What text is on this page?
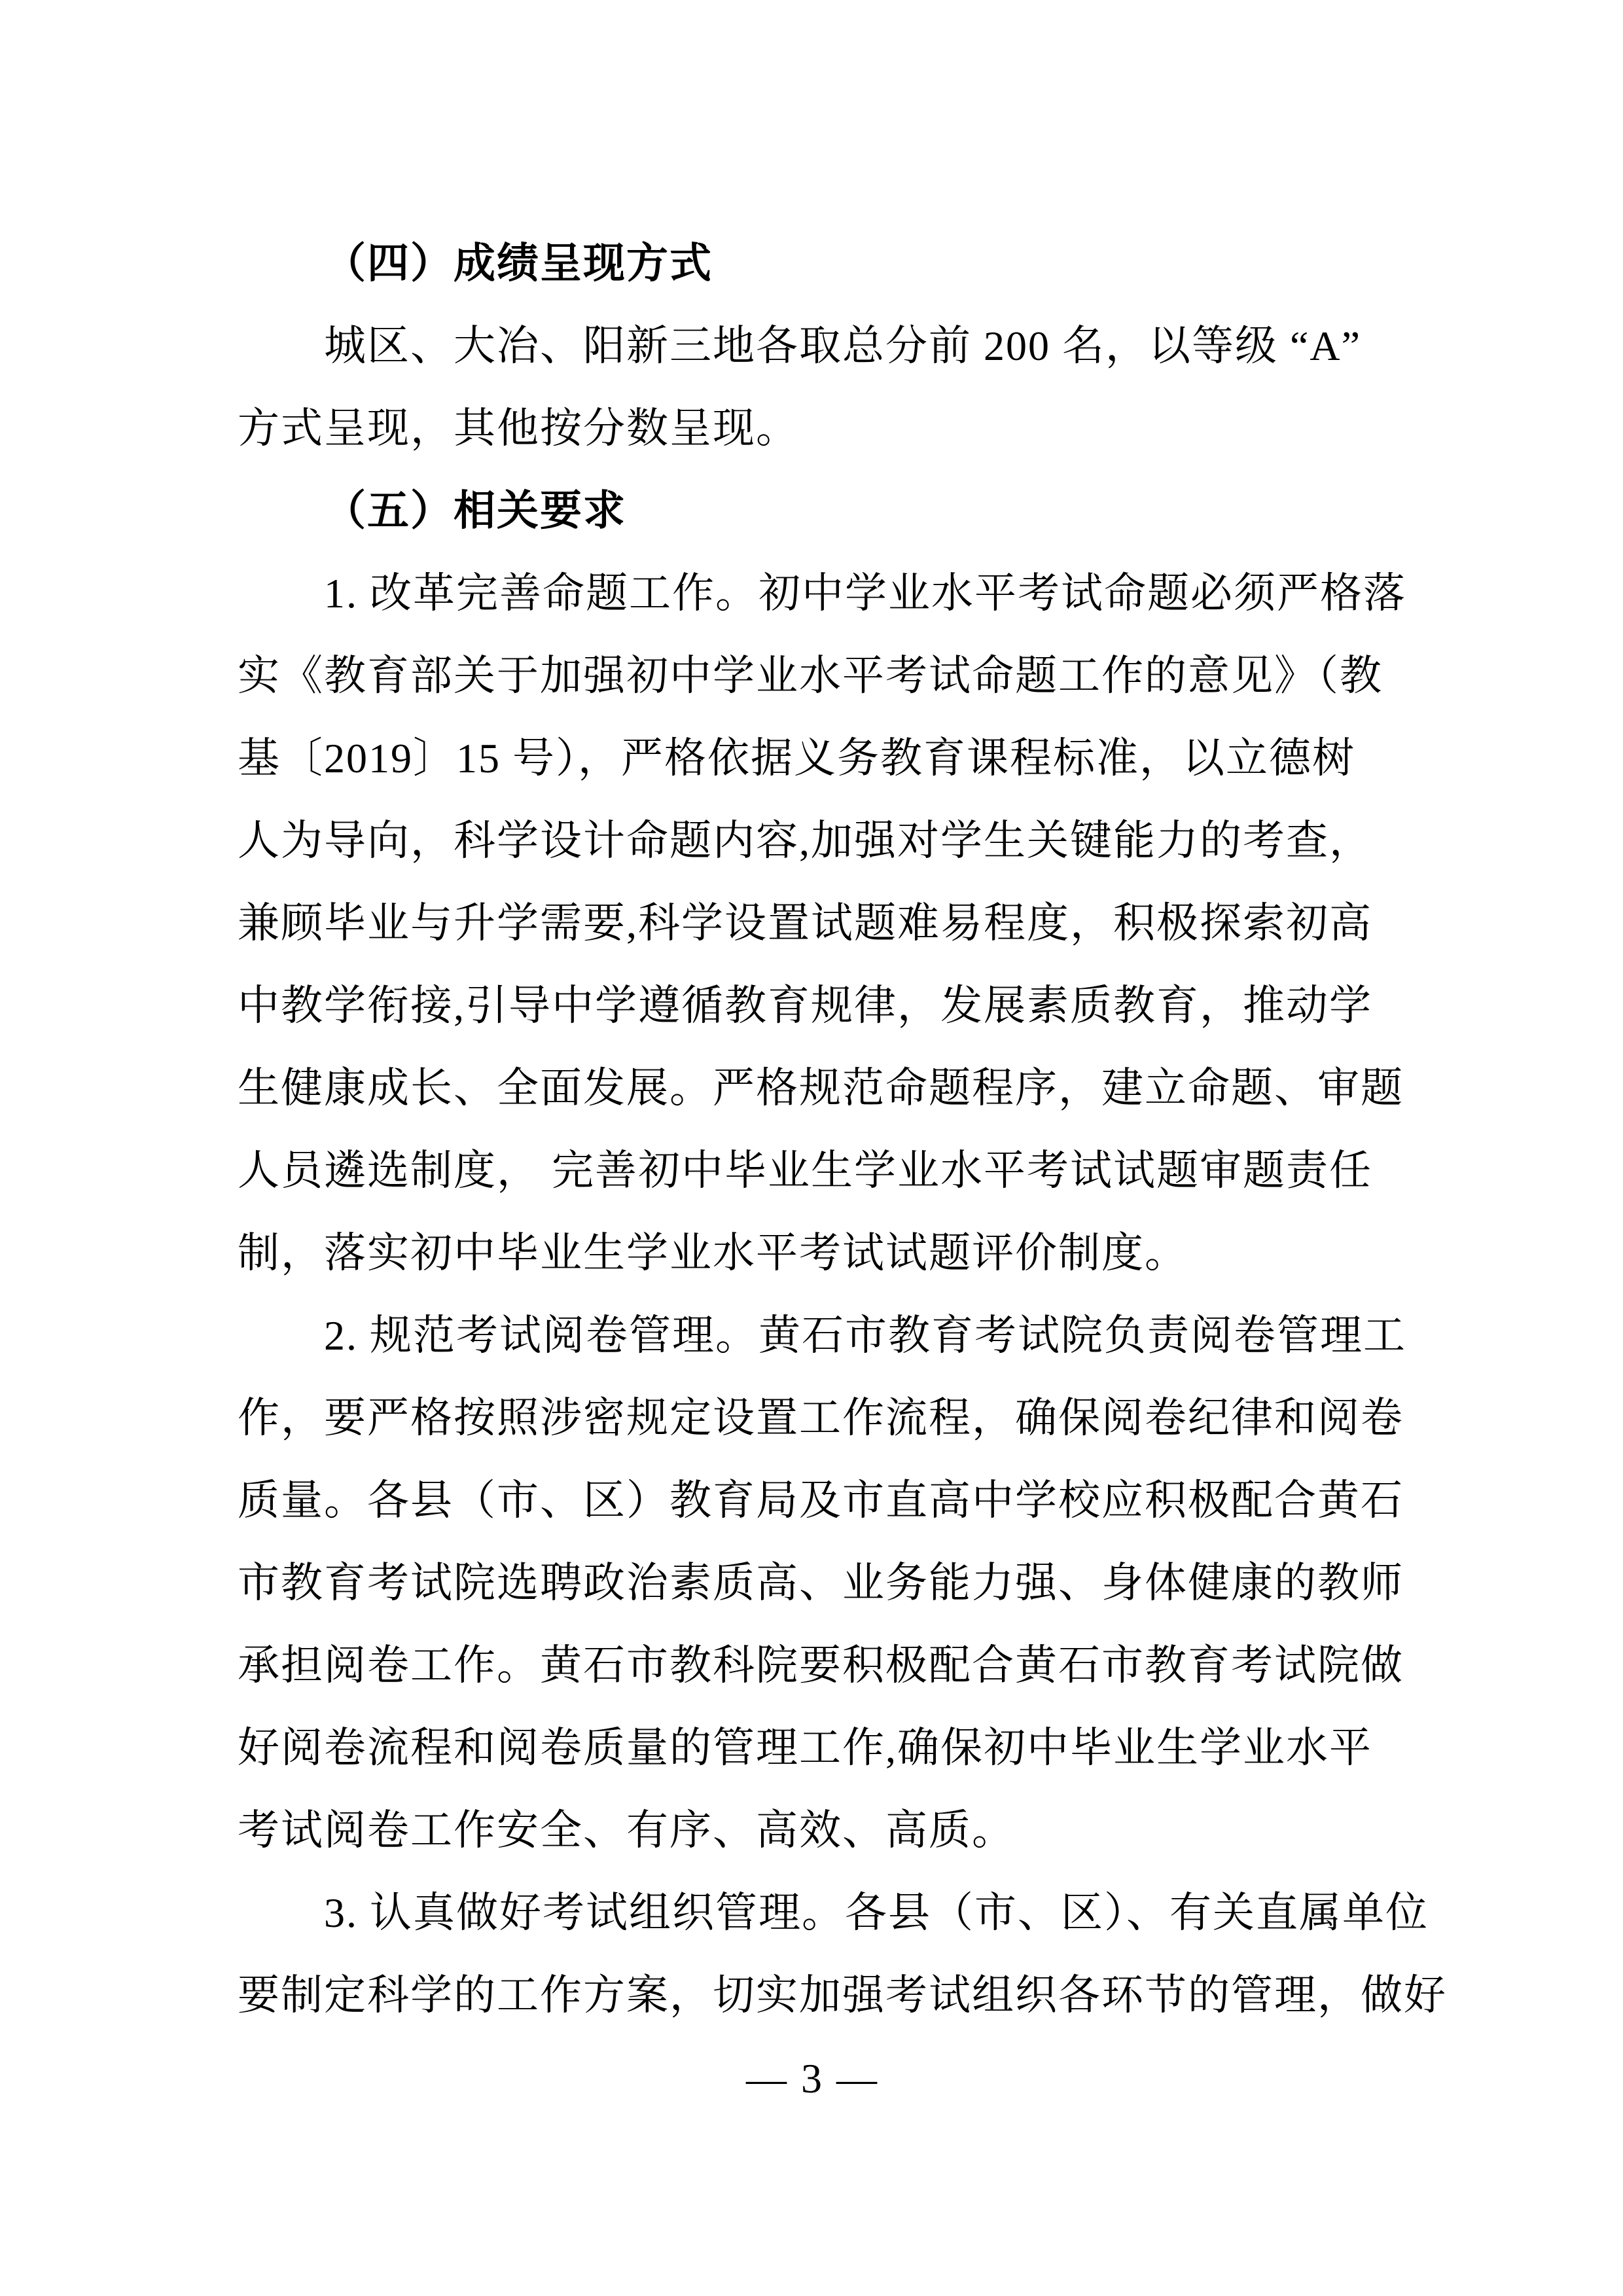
（四）成绩呈现方式
城区、大冶、阳新三地各取总分前 200 名，以等级 “A”
方式呈现，其他按分数呈现。
（五）相关要求
1. 改革完善命题工作。初中学业水平考试命题必须严格落
实《教育部关于加强初中学业水平考试命题工作的意见》（教
基〔2019〕15 号），严格依据义务教育课程标准，以立德树
人为导向，科学设计命题内容,加强对学生关键能力的考查，
兼顾毕业与升学需要,科学设置试题难易程度，积极探索初高
中教学衔接,引导中学遵循教育规律，发展素质教育，推动学
生健康成长、全面发展。严格规范命题程序，建立命题、审题
人员遴选制度， 完善初中毕业生学业水平考试试题审题责任
制，落实初中毕业生学业水平考试试题评价制度。
2. 规范考试阅卷管理。黄石市教育考试院负责阅卷管理工
作，要严格按照涉密规定设置工作流程，确保阅卷纪律和阅卷
质量。各县（市、区）教育局及市直高中学校应积极配合黄石
市教育考试院选聘政治素质高、业务能力强、身体健康的教师
承担阅卷工作。黄石市教科院要积极配合黄石市教育考试院做
好阅卷流程和阅卷质量的管理工作,确保初中毕业生学业水平
考试阅卷工作安全、有序、高效、高质。
3. 认真做好考试组织管理。各县（市、区）、有关直属单位
要制定科学的工作方案，切实加强考试组织各环节的管理，做好
— 3 —
